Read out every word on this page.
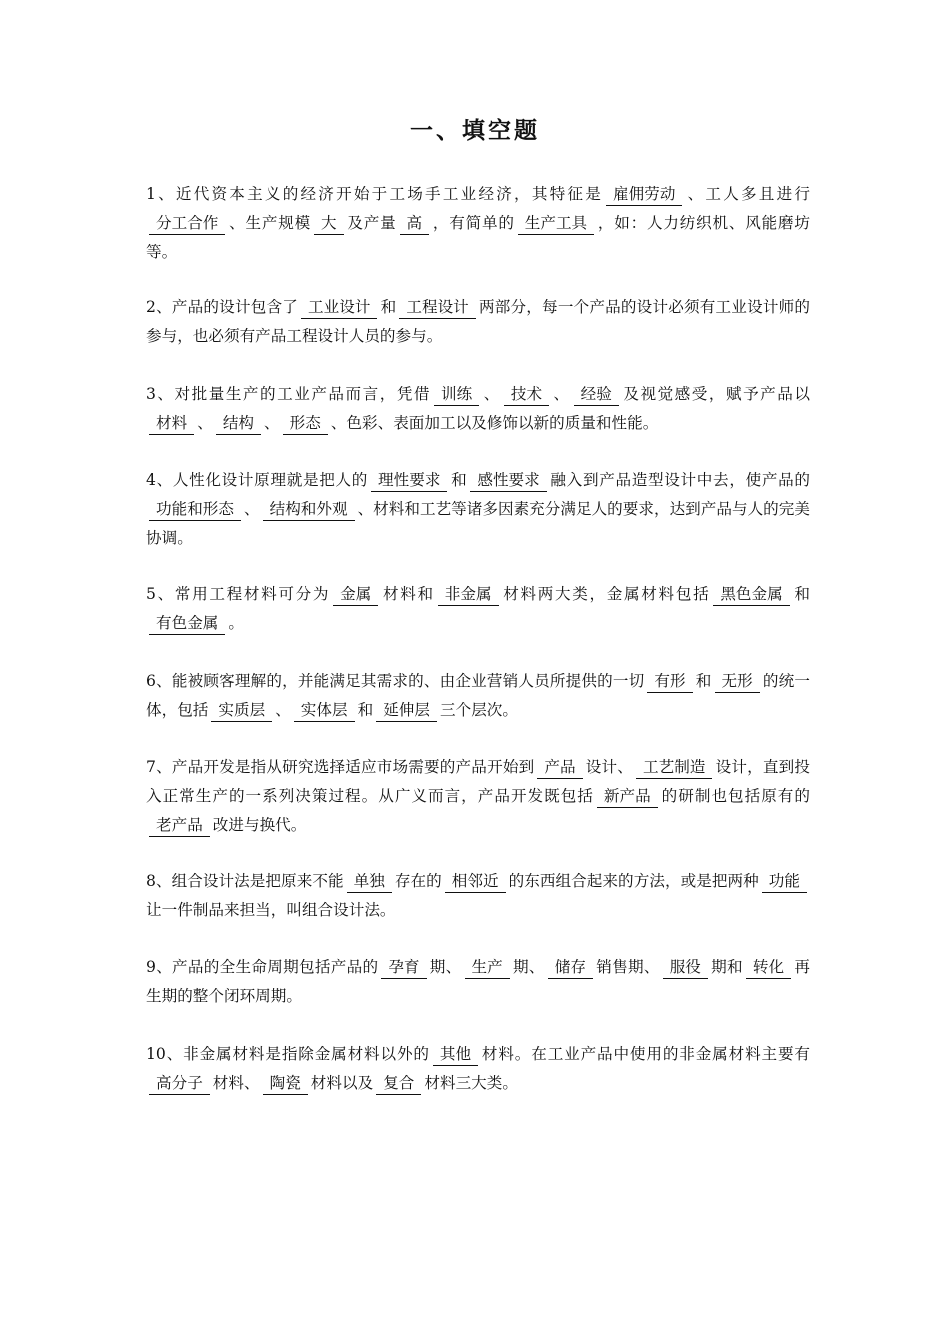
一、填空题
1、近代资本主义的经济开始于工场手工业经济，其特征是 雇佣劳动 、工人多且进行分工合作 、生产规模 大 及产量 高 ，有简单的 生产工具 ，如：人力纺织机、风能磨坊等。
2、产品的设计包含了 工业设计 和 工程设计 两部分，每一个产品的设计必须有工业设计师的参与，也必须有产品工程设计人员的参与。
3、对批量生产的工业产品而言，凭借 训练 、 技术 、 经验 及视觉感受，赋予产品以材料 、 结构 、 形态 、色彩、表面加工以及修饰以新的质量和性能。
4、人性化设计原理就是把人的 理性要求 和 感性要求 融入到产品造型设计中去，使产品的功能和形态 、 结构和外观 、材料和工艺等诸多因素充分满足人的要求，达到产品与人的完美协调。
5、常用工程材料可分为 金属 材料和 非金属 材料两大类，金属材料包括 黑色金属 和有色金属 。
6、能被顾客理解的，并能满足其需求的、由企业营销人员所提供的一切 有形 和 无形 的统一体，包括 实质层 、 实体层 和 延伸层 三个层次。
7、产品开发是指从研究选择适应市场需要的产品开始到 产品 设计、 工艺制造 设计，直到投入正常生产的一系列决策过程。从广义而言，产品开发既包括 新产品 的研制也包括原有的老产品 改进与换代。
8、组合设计法是把原来不能 单独 存在的 相邻近 的东西组合起来的方法，或是把两种 功能让一件制品来担当，叫组合设计法。
9、产品的全生命周期包括产品的 孕育 期、 生产 期、 储存 销售期、 服役 期和 转化 再生期的整个闭环周期。
10、非金属材料是指除金属材料以外的 其他 材料。在工业产品中使用的非金属材料主要有高分子 材料、 陶瓷 材料以及 复合 材料三大类。
